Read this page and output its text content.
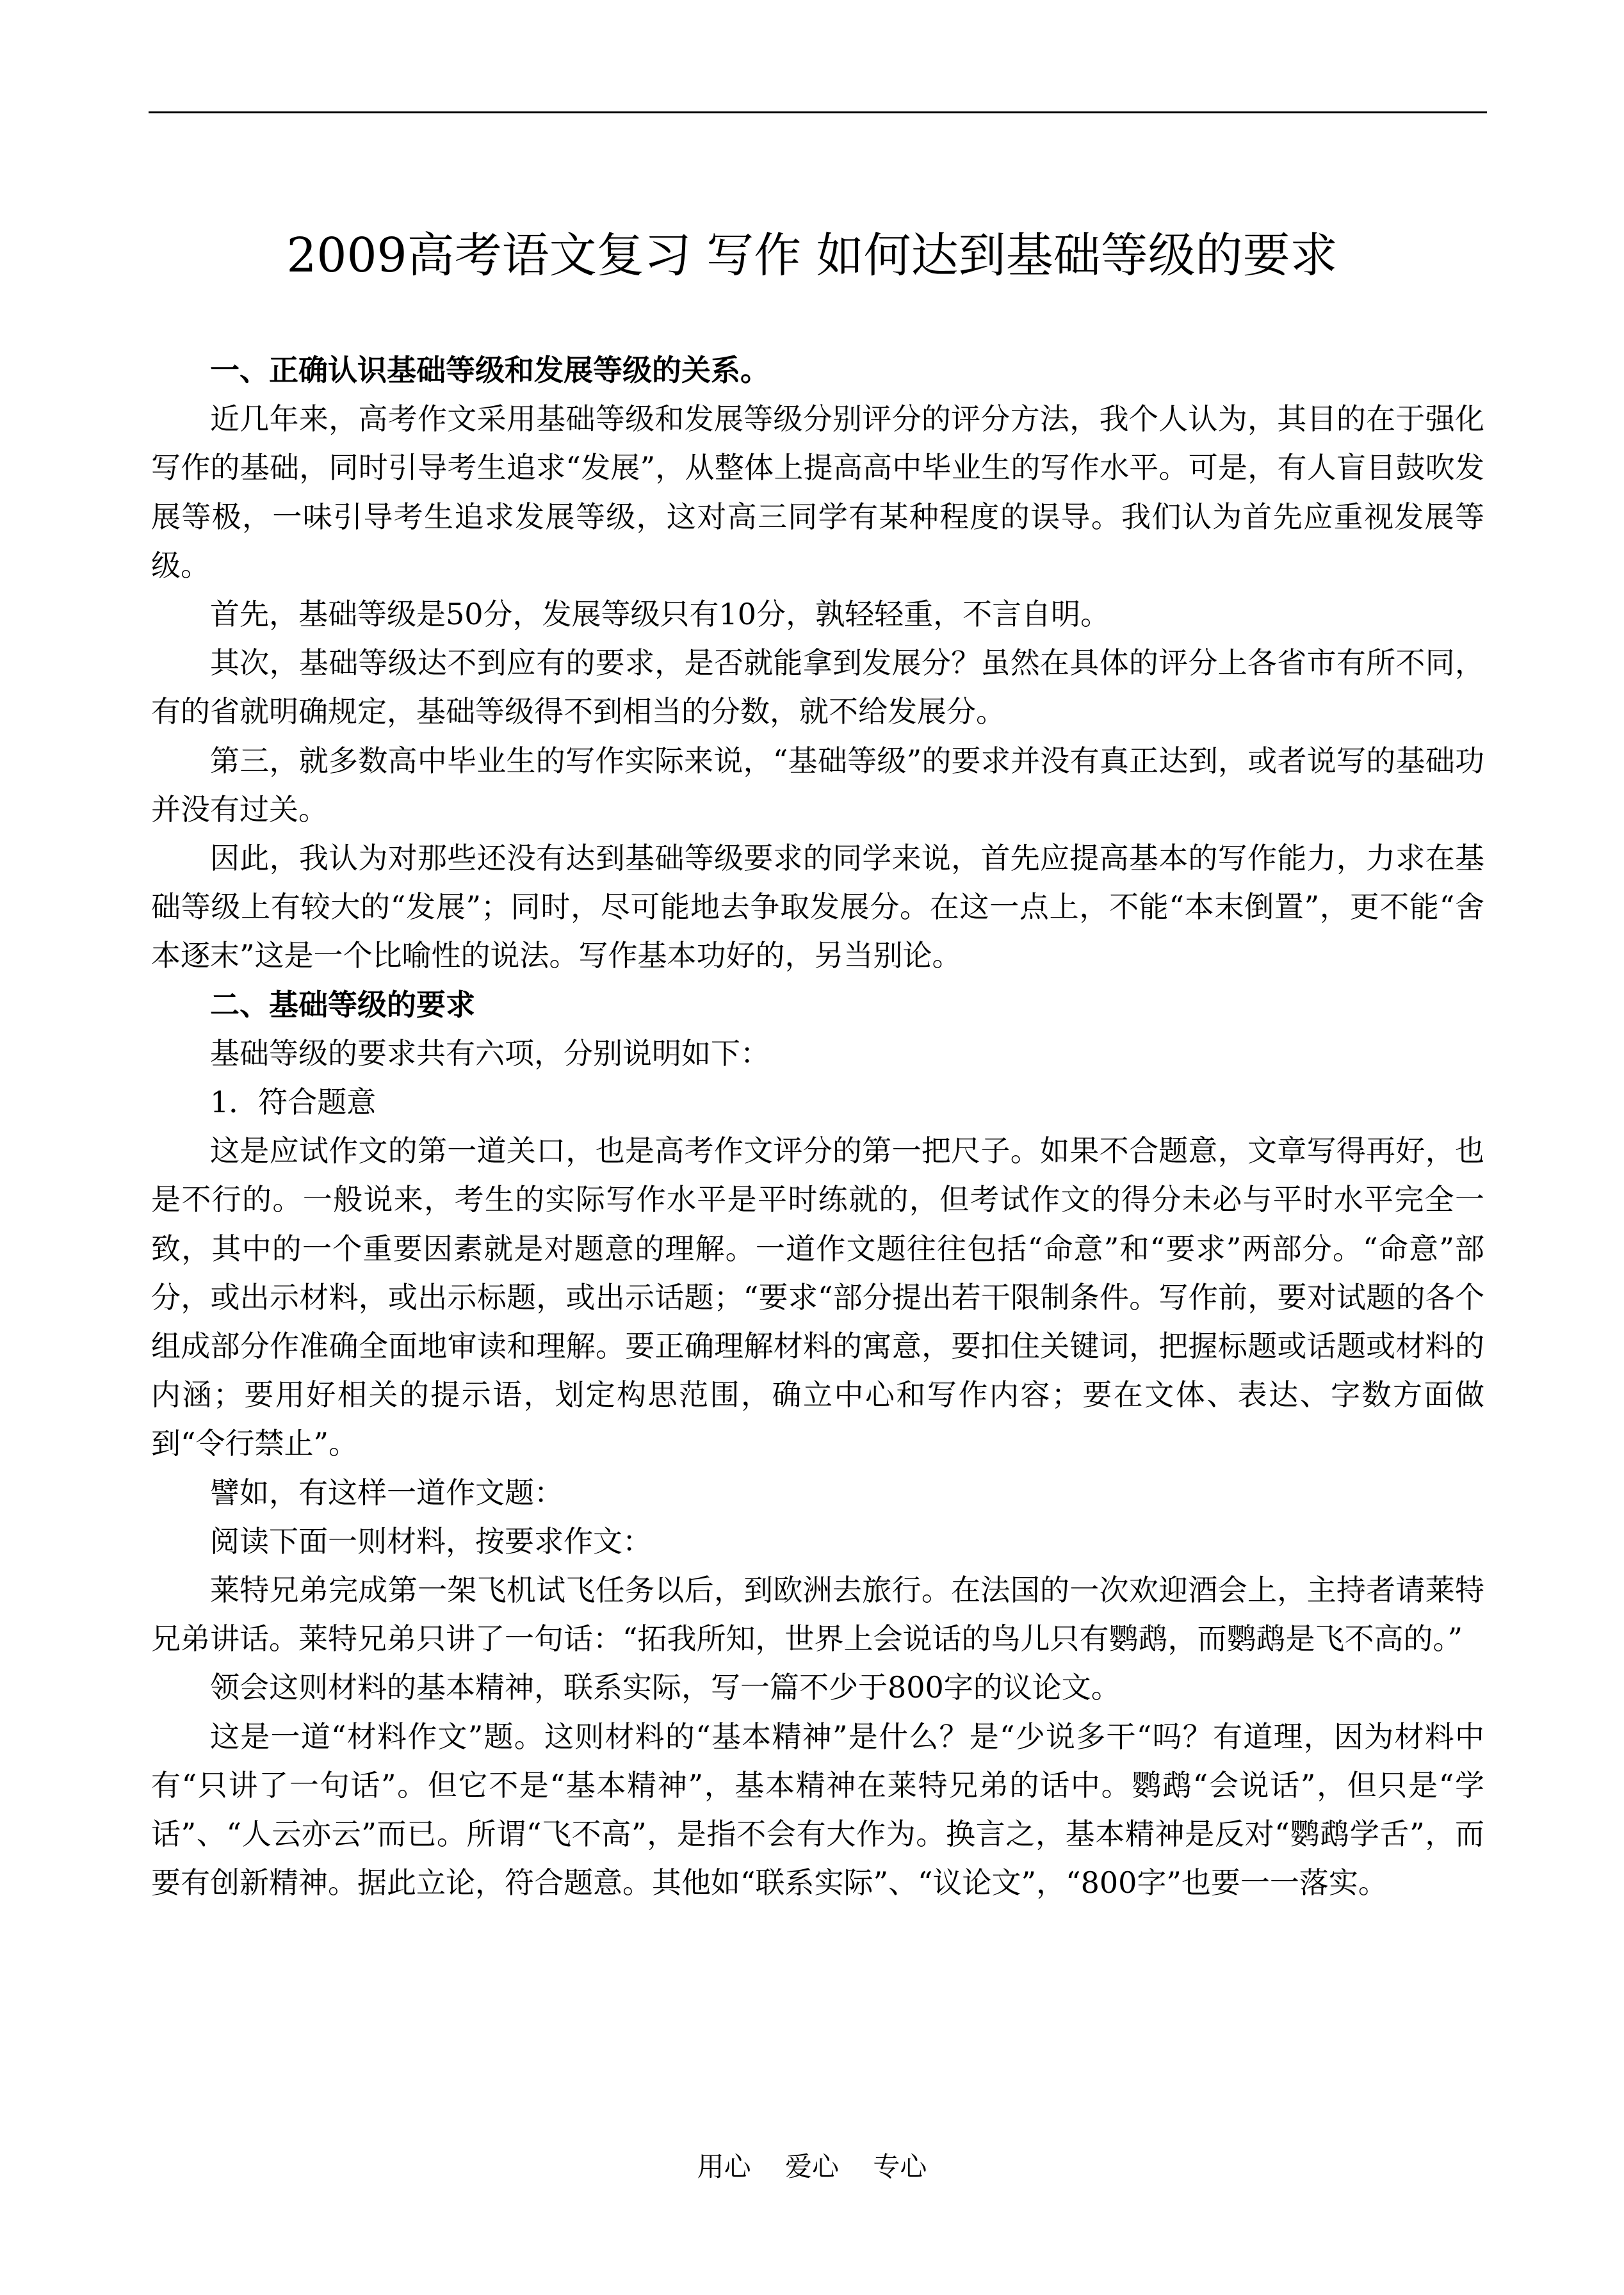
2009高考语文复习 写作 如何达到基础等级的要求

一、正确认识基础等级和发展等级的关系。

近几年来，高考作文采用基础等级和发展等级分别评分的评分方法，我个人认为，其目的在于强化写作的基础，同时引导考生追求“发展”，从整体上提高高中毕业生的写作水平。可是，有人盲目鼓吹发展等极，一味引导考生追求发展等级，这对高三同学有某种程度的误导。我们认为首先应重视发展等级。

首先，基础等级是50分，发展等级只有10分，孰轻轻重，不言自明。

其次，基础等级达不到应有的要求，是否就能拿到发展分？虽然在具体的评分上各省市有所不同，有的省就明确规定，基础等级得不到相当的分数，就不给发展分。

第三，就多数高中毕业生的写作实际来说，“基础等级”的要求并没有真正达到，或者说写的基础功并没有过关。

因此，我认为对那些还没有达到基础等级要求的同学来说，首先应提高基本的写作能力，力求在基础等级上有较大的“发展”；同时，尽可能地去争取发展分。在这一点上，不能“本末倒置”，更不能“舍本逐末”这是一个比喻性的说法。写作基本功好的，另当别论。

二、基础等级的要求

基础等级的要求共有六项，分别说明如下：

1．符合题意

这是应试作文的第一道关口，也是高考作文评分的第一把尺子。如果不合题意，文章写得再好，也是不行的。一般说来，考生的实际写作水平是平时练就的，但考试作文的得分未必与平时水平完全一致，其中的一个重要因素就是对题意的理解。一道作文题往往包括“命意”和“要求”两部分。“命意”部分，或出示材料，或出示标题，或出示话题；“要求“部分提出若干限制条件。写作前，要对试题的各个组成部分作准确全面地审读和理解。要正确理解材料的寓意，要扣住关键词，把握标题或话题或材料的内涵；要用好相关的提示语，划定构思范围，确立中心和写作内容；要在文体、表达、字数方面做到“令行禁止”。

譬如，有这样一道作文题：

阅读下面一则材料，按要求作文：

莱特兄弟完成第一架飞机试飞任务以后，到欧洲去旅行。在法国的一次欢迎酒会上，主持者请莱特兄弟讲话。莱特兄弟只讲了一句话：“拓我所知，世界上会说话的鸟儿只有鹦鹉，而鹦鹉是飞不高的。”

领会这则材料的基本精神，联系实际，写一篇不少于800字的议论文。

这是一道“材料作文”题。这则材料的“基本精神”是什么？是“少说多干“吗？有道理，因为材料中有“只讲了一句话”。但它不是“基本精神”，基本精神在莱特兄弟的话中。鹦鹉“会说话”，但只是“学话”、“人云亦云”而已。所谓“飞不高”，是指不会有大作为。换言之，基本精神是反对“鹦鹉学舌”，而要有创新精神。据此立论，符合题意。其他如“联系实际”、“议论文”，“800字”也要一一落实。

用心    爱心    专心
